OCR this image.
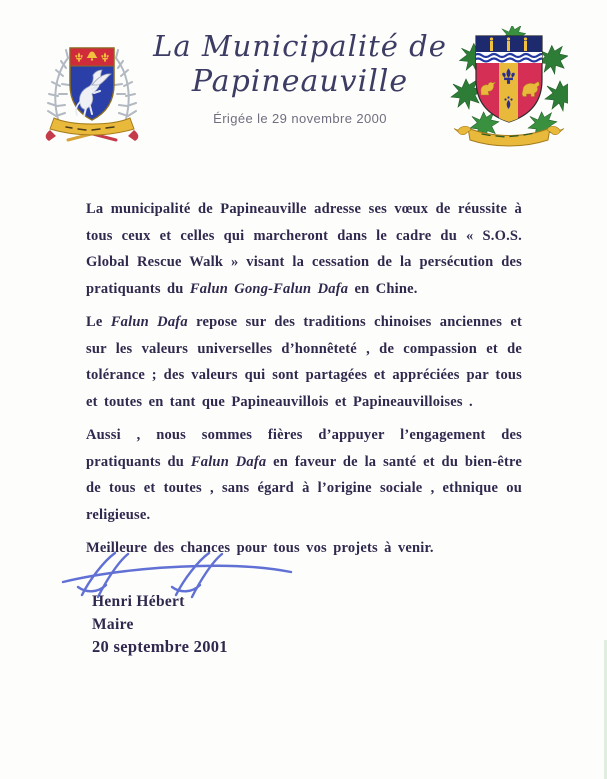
La Municipalité de
Papineauville
Érigée le 29 novembre 2000

La municipalité de Papineauville adresse ses vœux de réussite à tous ceux et celles qui marcheront dans le cadre du « S.O.S. Global Rescue Walk » visant la cessation de la persécution des pratiquants du Falun Gong-Falun Dafa en Chine.

Le Falun Dafa repose sur des traditions chinoises anciennes et sur les valeurs universelles d’honnêteté , de compassion et de tolérance ; des valeurs qui sont partagées et appréciées par tous et toutes en tant que Papineauvillois et Papineauvilloises .

Aussi , nous sommes fières d’appuyer l’engagement des pratiquants du Falun Dafa en faveur de la santé et du bien-être de tous et toutes , sans égard à l’origine sociale , ethnique ou religieuse.

Meilleure des chances pour tous vos projets à venir.

Henri Hébert
Maire
20 septembre 2001
